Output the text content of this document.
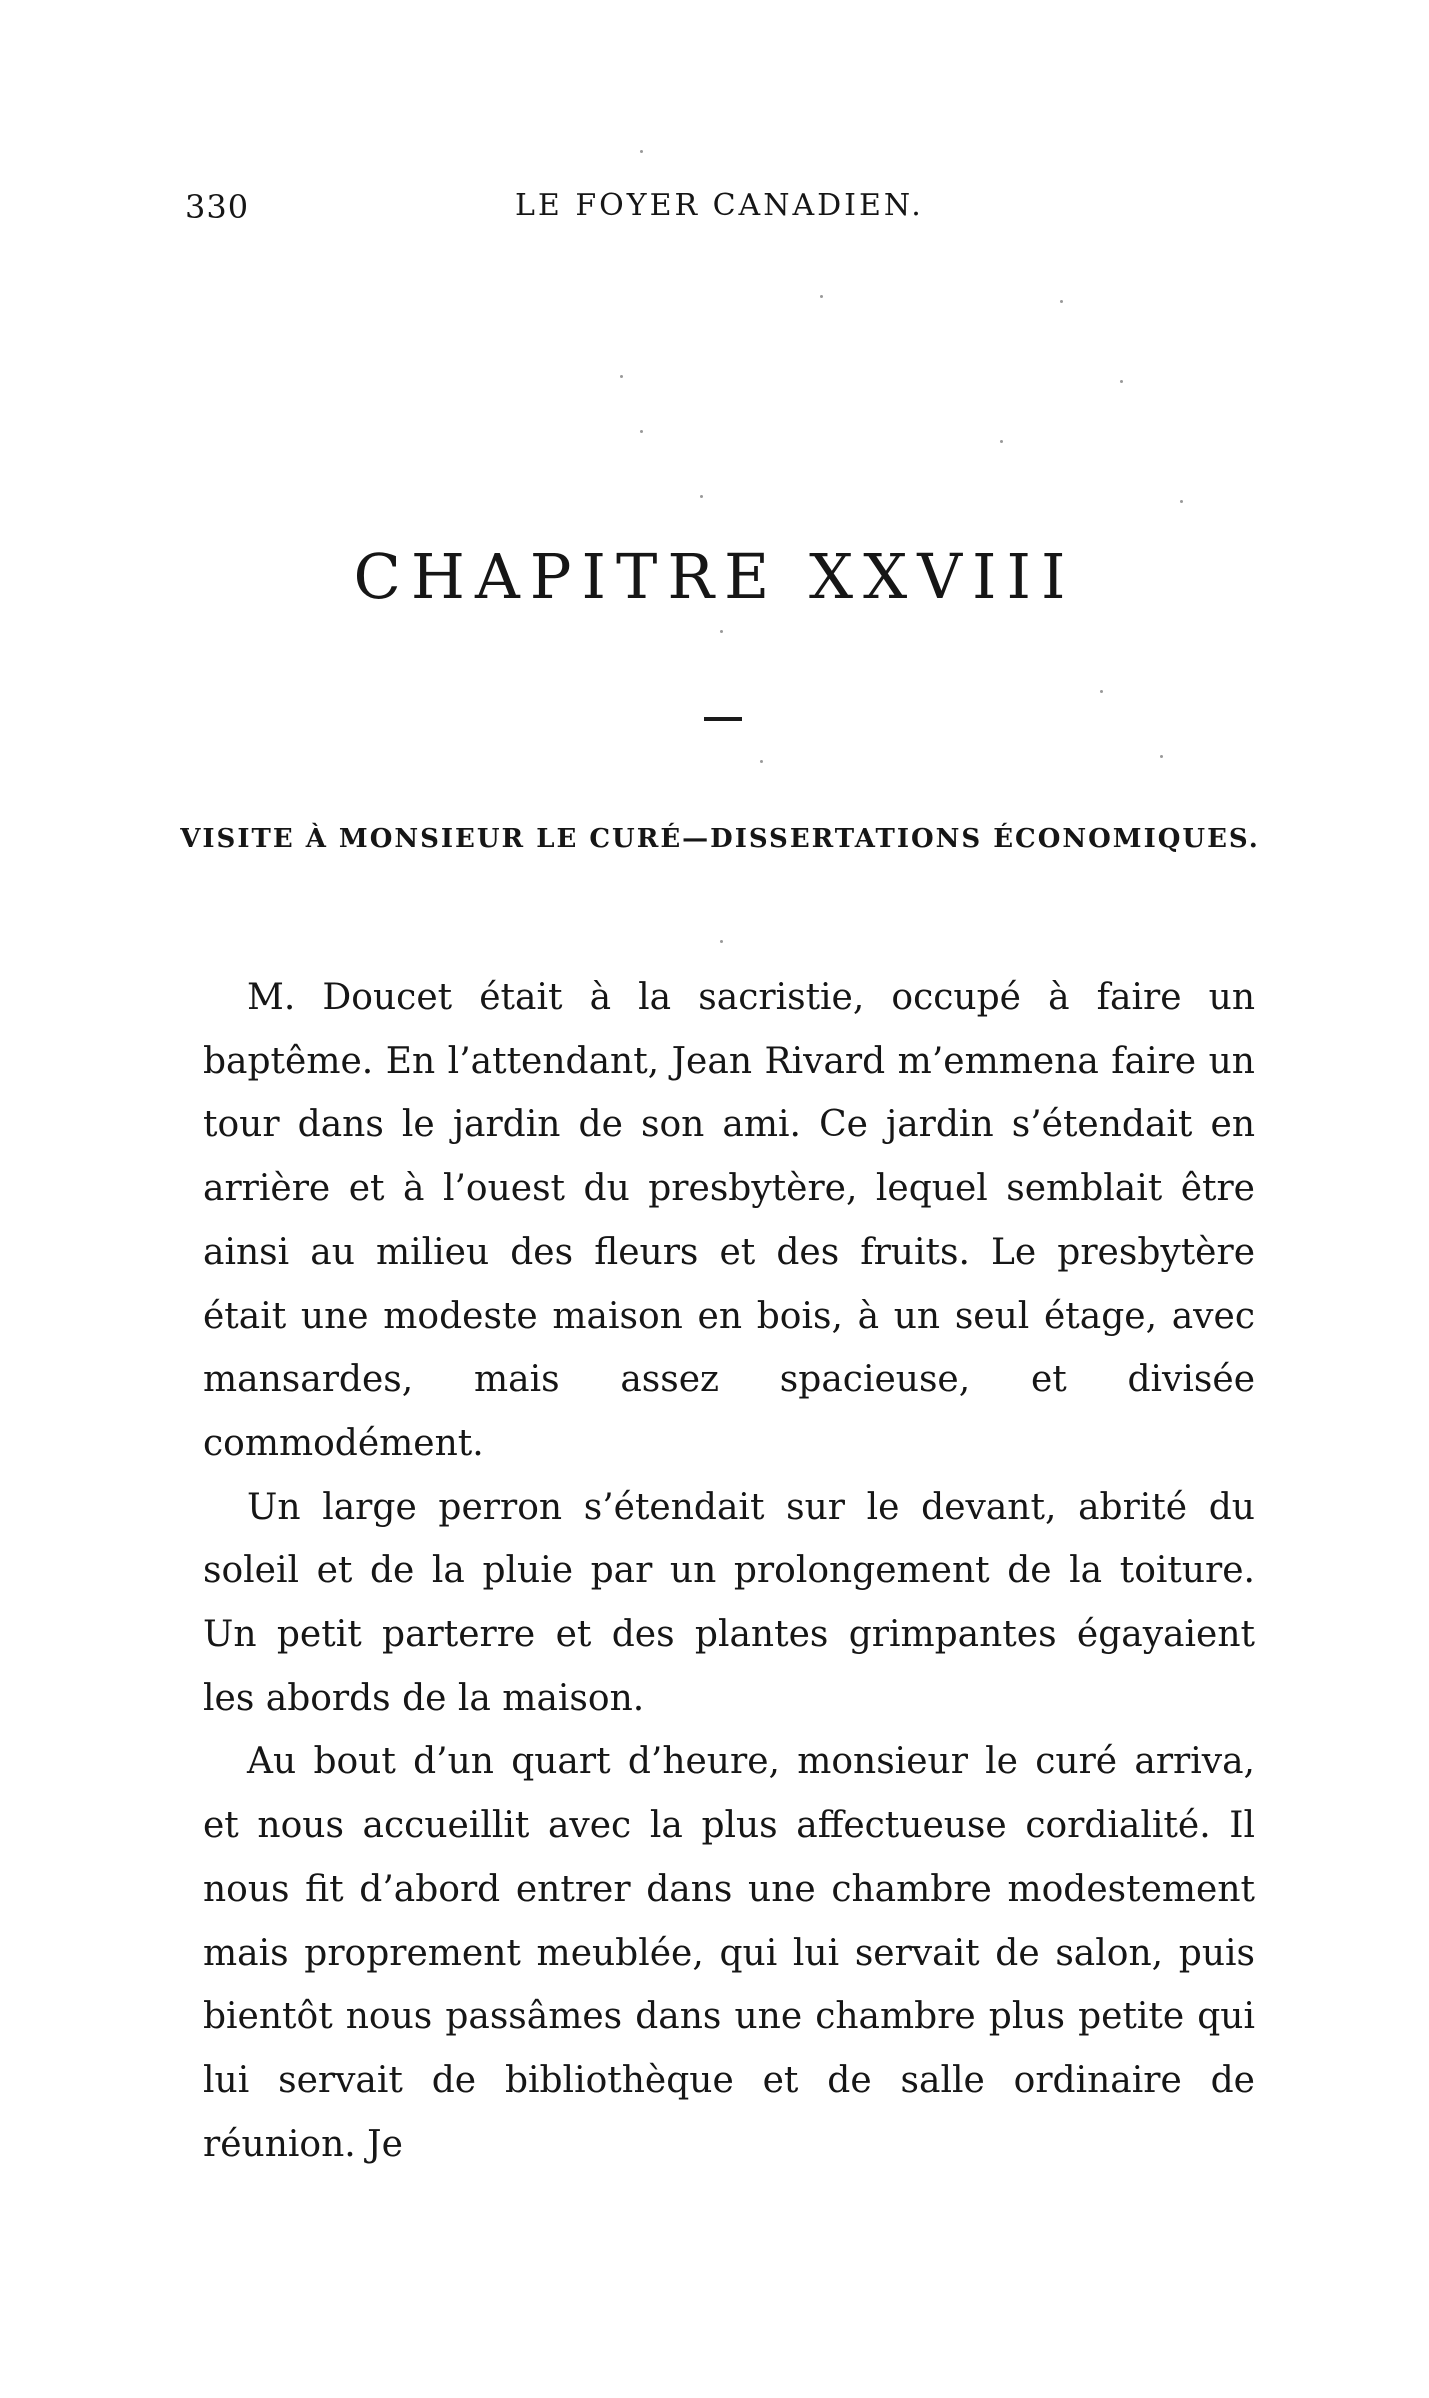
330	LE FOYER CANADIEN.
CHAPITRE XXVIII
VISITE À MONSIEUR LE CURÉ—DISSERTATIONS ÉCONOMIQUES.

M. Doucet était à la sacristie, occupé à faire un baptême. En l’attendant, Jean Rivard m’emmena faire un tour dans le jardin de son ami. Ce jardin s’étendait en arrière et à l’ouest du presbytère, lequel semblait être ainsi au milieu des fleurs et des fruits. Le presbytère était une modeste maison en bois, à un seul étage, avec mansardes, mais assez spacieuse, et divisée commodément.

Un large perron s’étendait sur le devant, abrité du soleil et de la pluie par un prolongement de la toiture. Un petit parterre et des plantes grimpantes égayaient les abords de la maison.

Au bout d’un quart d’heure, monsieur le curé arriva, et nous accueillit avec la plus affectueuse cordialité. Il nous fit d’abord entrer dans une chambre modestement mais proprement meublée, qui lui servait de salon, puis bientôt nous passâmes dans une chambre plus petite qui lui servait de bibliothèque et de salle ordinaire de réunion. Je
